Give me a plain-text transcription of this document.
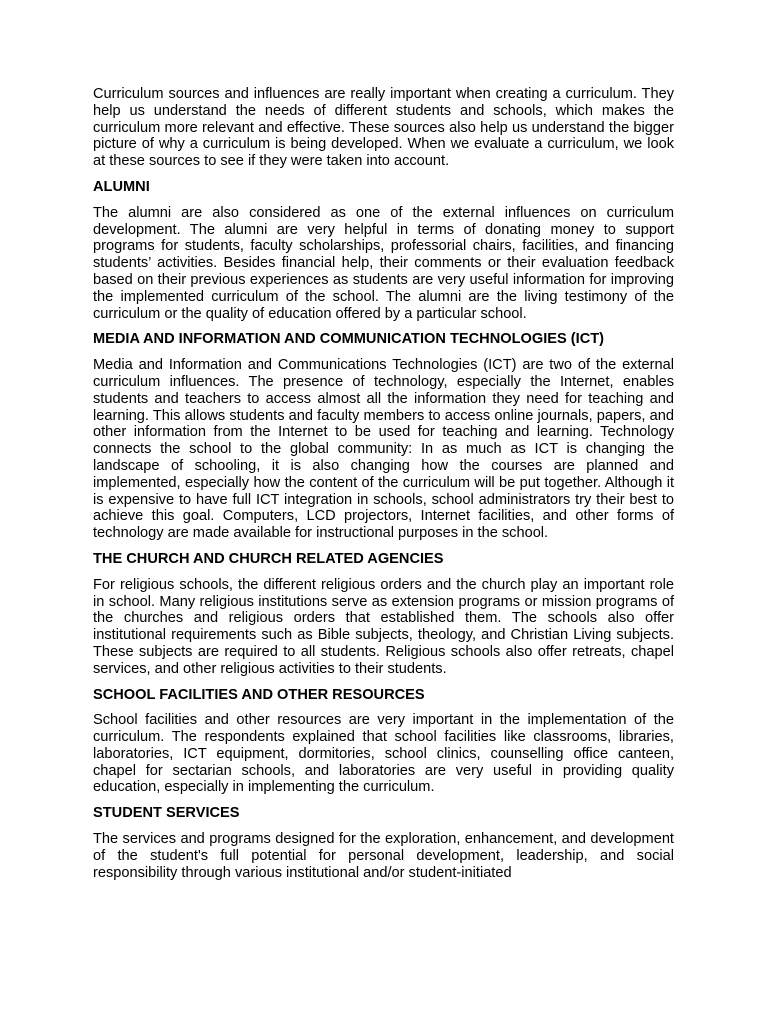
Curriculum sources and influences are really important when creating a curriculum. They help us understand the needs of different students and schools, which makes the curriculum more relevant and effective. These sources also help us understand the bigger picture of why a curriculum is being developed. When we evaluate a curriculum, we look at these sources to see if they were taken into account.

ALUMNI

The alumni are also considered as one of the external influences on curriculum development. The alumni are very helpful in terms of donating money to support programs for students, faculty scholarships, professorial chairs, facilities, and financing students’ activities. Besides financial help, their comments or their evaluation feedback based on their previous experiences as students are very useful information for improving the implemented curriculum of the school. The alumni are the living testimony of the curriculum or the quality of education offered by a particular school.

MEDIA AND INFORMATION AND COMMUNICATION TECHNOLOGIES (ICT)

Media and Information and Communications Technologies (ICT) are two of the external curriculum influences. The presence of technology, especially the Internet, enables students and teachers to access almost all the information they need for teaching and learning. This allows students and faculty members to access online journals, papers, and other information from the Internet to be used for teaching and learning. Technology connects the school to the global community: In as much as ICT is changing the landscape of schooling, it is also changing how the courses are planned and implemented, especially how the content of the curriculum will be put together. Although it is expensive to have full ICT integration in schools, school administrators try their best to achieve this goal. Computers, LCD projectors, Internet facilities, and other forms of technology are made available for instructional purposes in the school.

THE CHURCH AND CHURCH RELATED AGENCIES

For religious schools, the different religious orders and the church play an important role in school. Many religious institutions serve as extension programs or mission programs of the churches and religious orders that established them. The schools also offer institutional requirements such as Bible subjects, theology, and Christian Living subjects. These subjects are required to all students. Religious schools also offer retreats, chapel services, and other religious activities to their students.

SCHOOL FACILITIES AND OTHER RESOURCES

School facilities and other resources are very important in the implementation of the curriculum. The respondents explained that school facilities like classrooms, libraries, laboratories, ICT equipment, dormitories, school clinics, counselling office canteen, chapel for sectarian schools, and laboratories are very useful in providing quality education, especially in implementing the curriculum.

STUDENT SERVICES

The services and programs designed for the exploration, enhancement, and development of the student's full potential for personal development, leadership, and social responsibility through various institutional and/or student-initiated
